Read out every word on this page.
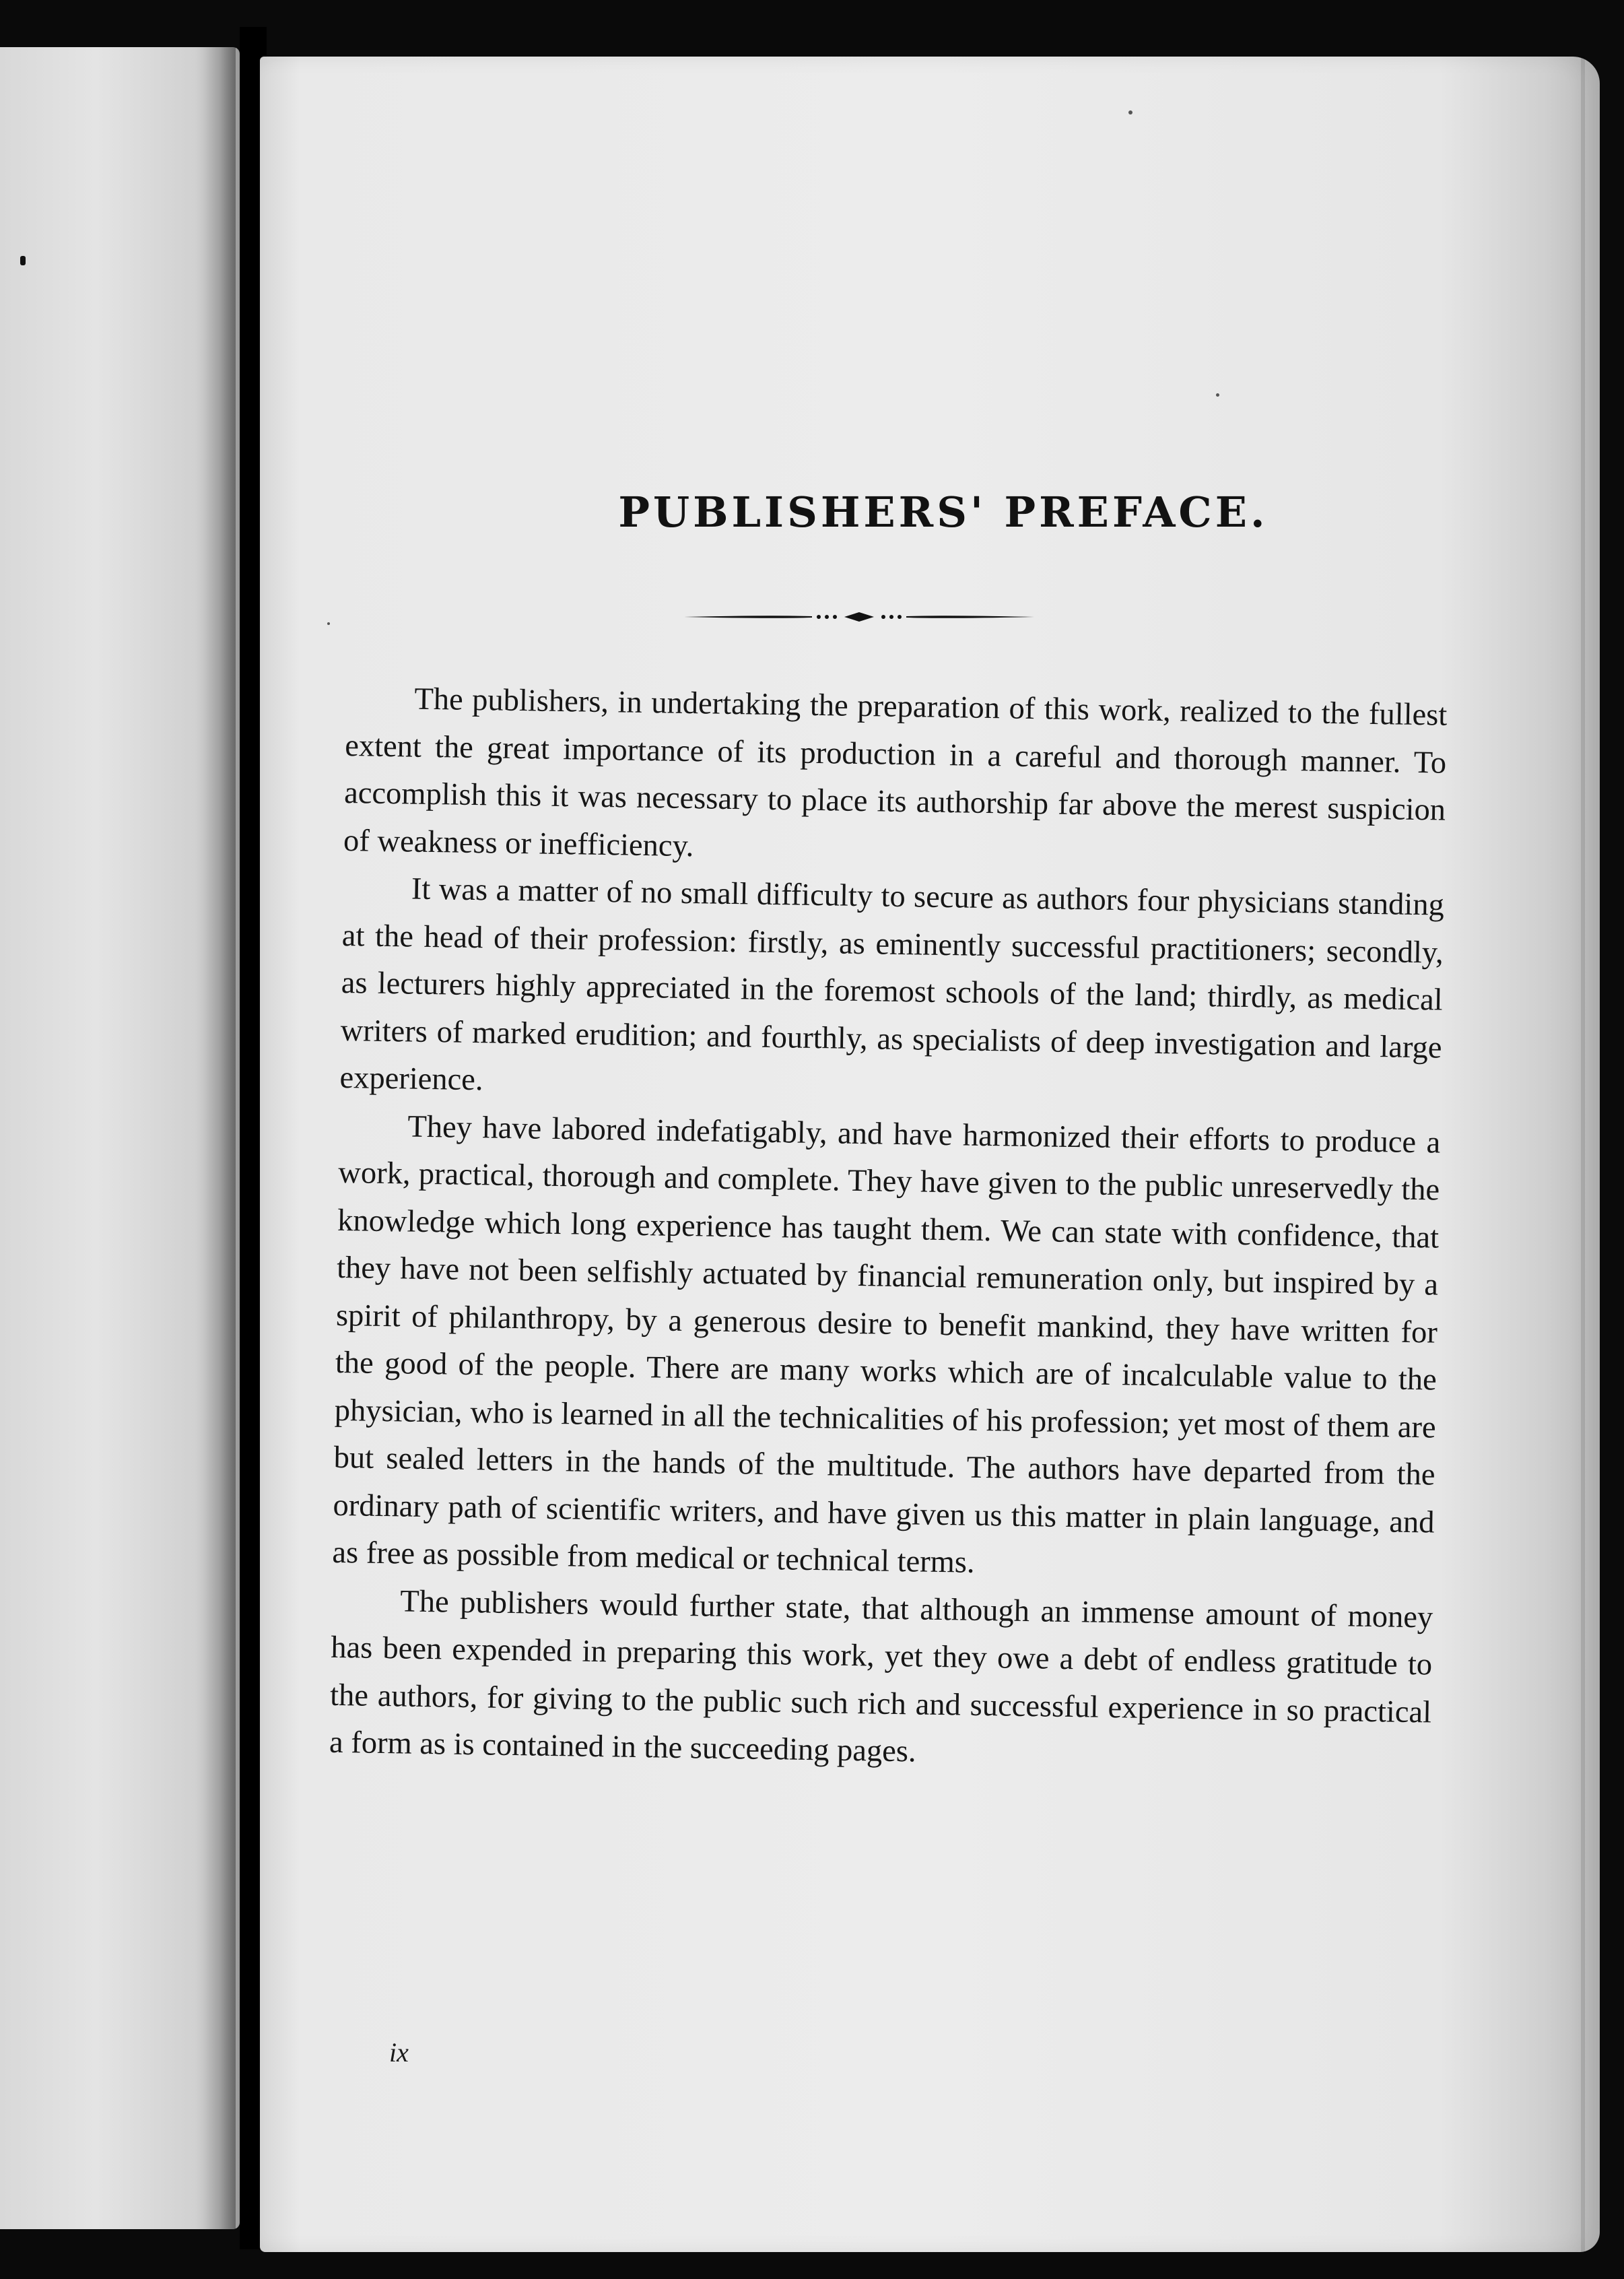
PUBLISHERS' PREFACE.

The publishers, in undertaking the preparation of this work, realized to the fullest extent the great importance of its production in a careful and thorough manner. To accomplish this it was necessary to place its authorship far above the merest suspicion of weakness or inefficiency.

It was a matter of no small difficulty to secure as authors four physicians standing at the head of their profession: firstly, as eminently successful practitioners; secondly, as lecturers highly appreciated in the foremost schools of the land; thirdly, as medical writers of marked erudition; and fourthly, as specialists of deep investigation and large experience.

They have labored indefatigably, and have harmonized their efforts to produce a work, practical, thorough and complete. They have given to the public unreservedly the knowledge which long experience has taught them. We can state with confidence, that they have not been selfishly actuated by financial remuneration only, but inspired by a spirit of philanthropy, by a generous desire to benefit mankind, they have written for the good of the people. There are many works which are of incalculable value to the physician, who is learned in all the technicalities of his profession; yet most of them are but sealed letters in the hands of the multitude. The authors have departed from the ordinary path of scientific writers, and have given us this matter in plain language, and as free as possible from medical or technical terms.

The publishers would further state, that although an immense amount of money has been expended in preparing this work, yet they owe a debt of endless gratitude to the authors, for giving to the public such rich and successful experience in so practical a form as is contained in the succeeding pages.

ix
